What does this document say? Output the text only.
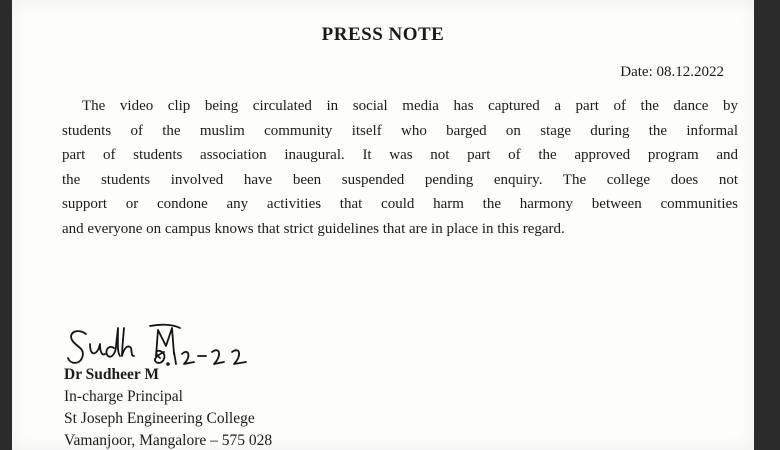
PRESS NOTE
Date: 08.12.2022

The video clip being circulated in social media has captured a part of the dance by
students of the muslim community itself who barged on stage during the informal
part of students association inaugural. It was not part of the approved program and
the students involved have been suspended pending enquiry. The college does not
support or condone any activities that could harm the harmony between communities
and everyone on campus knows that strict guidelines that are in place in this regard.

Dr Sudheer M
In-charge Principal
St Joseph Engineering College
Vamanjoor, Mangalore – 575 028
